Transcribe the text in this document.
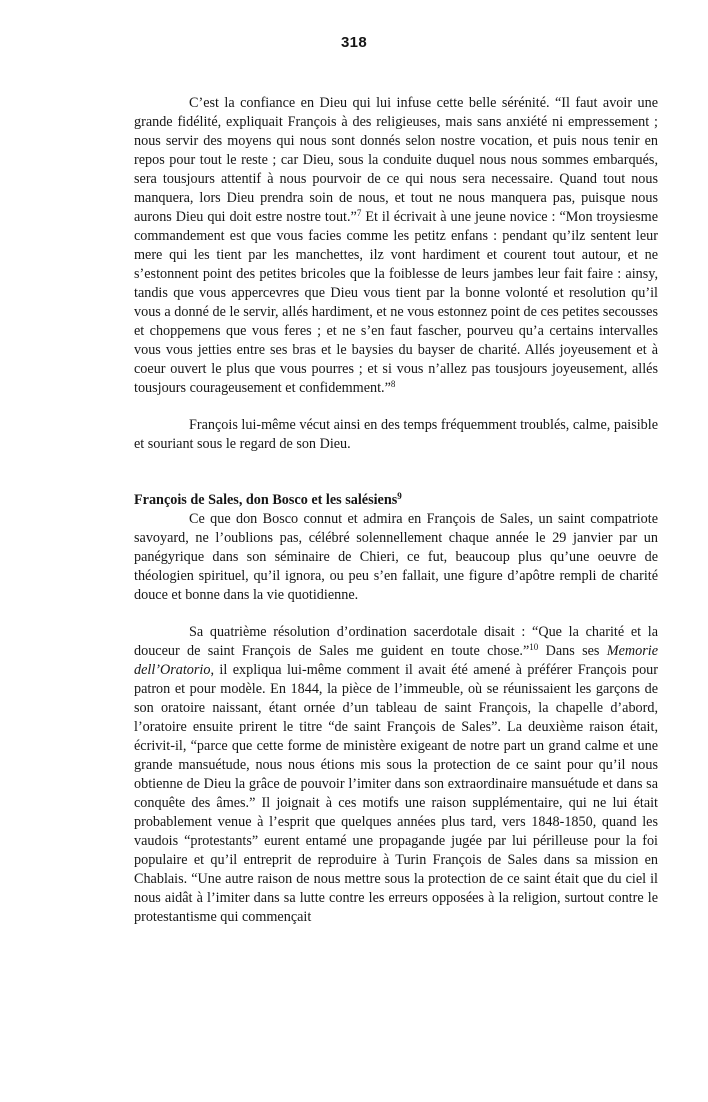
318

C’est la confiance en Dieu qui lui infuse cette belle sérénité. “Il faut avoir une grande fidélité, expliquait François à des religieuses, mais sans anxiété ni empressement ; nous servir des moyens qui nous sont donnés selon nostre vocation, et puis nous tenir en repos pour tout le reste ; car Dieu, sous la conduite duquel nous nous sommes embarqués, sera tousjours attentif à nous pourvoir de ce qui nous sera necessaire. Quand tout nous manquera, lors Dieu prendra soin de nous, et tout ne nous manquera pas, puisque nous aurons Dieu qui doit estre nostre tout.”$^7$ Et il écrivait à une jeune novice : “Mon troysiesme commandement est que vous facies comme les petitz enfans : pendant qu’ilz sentent leur mere qui les tient par les manchettes, ilz vont hardiment et courent tout autour, et ne s’estonnent point des petites bricoles que la foiblesse de leurs jambes leur fait faire : ainsy, tandis que vous appercevres que Dieu vous tient par la bonne volonté et resolution qu’il vous a donné de le servir, allés hardiment, et ne vous estonnez point de ces petites secousses et choppemens que vous feres ; et ne s’en faut fascher, pourveu qu’a certains intervalles vous vous jetties entre ses bras et le baysies du bayser de charité. Allés joyeusement et à coeur ouvert le plus que vous pourres ; et si vous n’allez pas tousjours joyeusement, allés tousjours courageusement et confidemment.”$^8$

François lui-même vécut ainsi en des temps fréquemment troublés, calme, paisible et souriant sous le regard de son Dieu.

François de Sales, don Bosco et les salésiens$^9$

Ce que don Bosco connut et admira en François de Sales, un saint compatriote savoyard, ne l’oublions pas, célébré solennellement chaque année le 29 janvier par un panégyrique dans son séminaire de Chieri, ce fut, beaucoup plus qu’une oeuvre de théologien spirituel, qu’il ignora, ou peu s’en fallait, une figure d’apôtre rempli de charité douce et bonne dans la vie quotidienne.

Sa quatrième résolution d’ordination sacerdotale disait : “Que la charité et la douceur de saint François de Sales me guident en toute chose.”$^{10}$ Dans ses Memorie dell’Oratorio, il expliqua lui-même comment il avait été amené à préférer François pour patron et pour modèle. En 1844, la pièce de l’immeuble, où se réunissaient les garçons de son oratoire naissant, étant ornée d’un tableau de saint François, la chapelle d’abord, l’oratoire ensuite prirent le titre “de saint François de Sales”. La deuxième raison était, écrivit-il, “parce que cette forme de ministère exigeant de notre part un grand calme et une grande mansuétude, nous nous étions mis sous la protection de ce saint pour qu’il nous obtienne de Dieu la grâce de pouvoir l’imiter dans son extraordinaire mansuétude et dans sa conquête des âmes.” Il joignait à ces motifs une raison supplémentaire, qui ne lui était probablement venue à l’esprit que quelques années plus tard, vers 1848-1850, quand les vaudois “protestants” eurent entamé une propagande jugée par lui périlleuse pour la foi populaire et qu’il entreprit de reproduire à Turin François de Sales dans sa mission en Chablais. “Une autre raison de nous mettre sous la protection de ce saint était que du ciel il nous aidât à l’imiter dans sa lutte contre les erreurs opposées à la religion, surtout contre le protestantisme qui commençait
